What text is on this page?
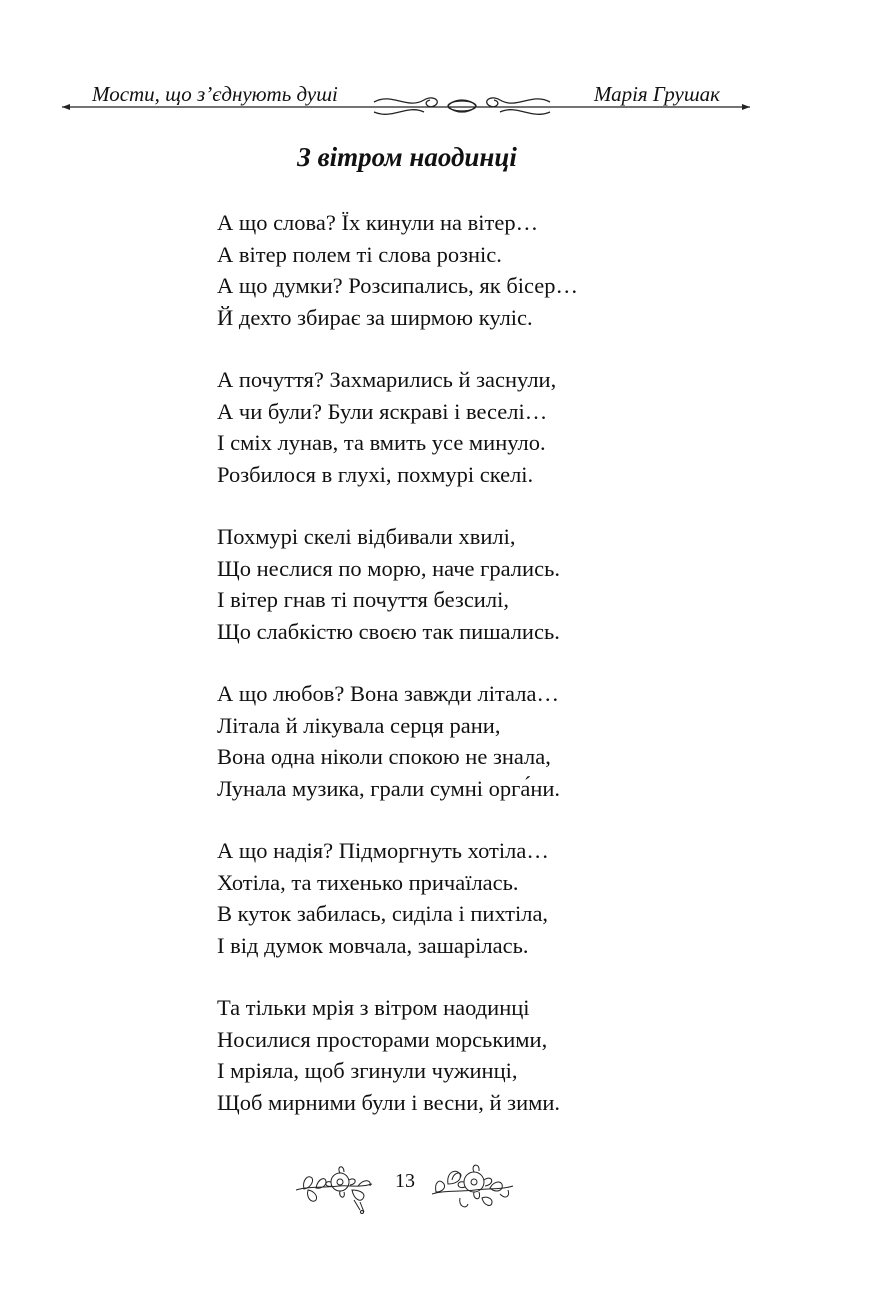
Мости, що з’єднують душі	Марія Грушак
З вітром наодинці
А що слова? Їх кинули на вітер…
А вітер полем ті слова розніс.
А що думки? Розсипались, як бісер…
Й дехто збирає за ширмою куліс.
А почуття? Захмарились й заснули,
А чи були? Були яскраві і веселі…
І сміх лунав, та вмить усе минуло.
Розбилося в глухі, похмурі скелі.
Похмурі скелі відбивали хвилі,
Що неслися по морю, наче грались.
І вітер гнав ті почуття безсилі,
Що слабкістю своєю так пишались.
А що любов? Вона завжди літала…
Літала й лікувала серця рани,
Вона одна ніколи спокою не знала,
Лунала музика, грали сумні орга́ни.
А що надія? Підморгнуть хотіла…
Хотіла, та тихенько причаїлась.
В куток забилась, сиділа і пихтіла,
І від думок мовчала, зашарілась.
Та тільки мрія з вітром наодинці
Носилися просторами морськими,
І мріяла, щоб згинули чужинці,
Щоб мирними були і весни, й зими.
13
